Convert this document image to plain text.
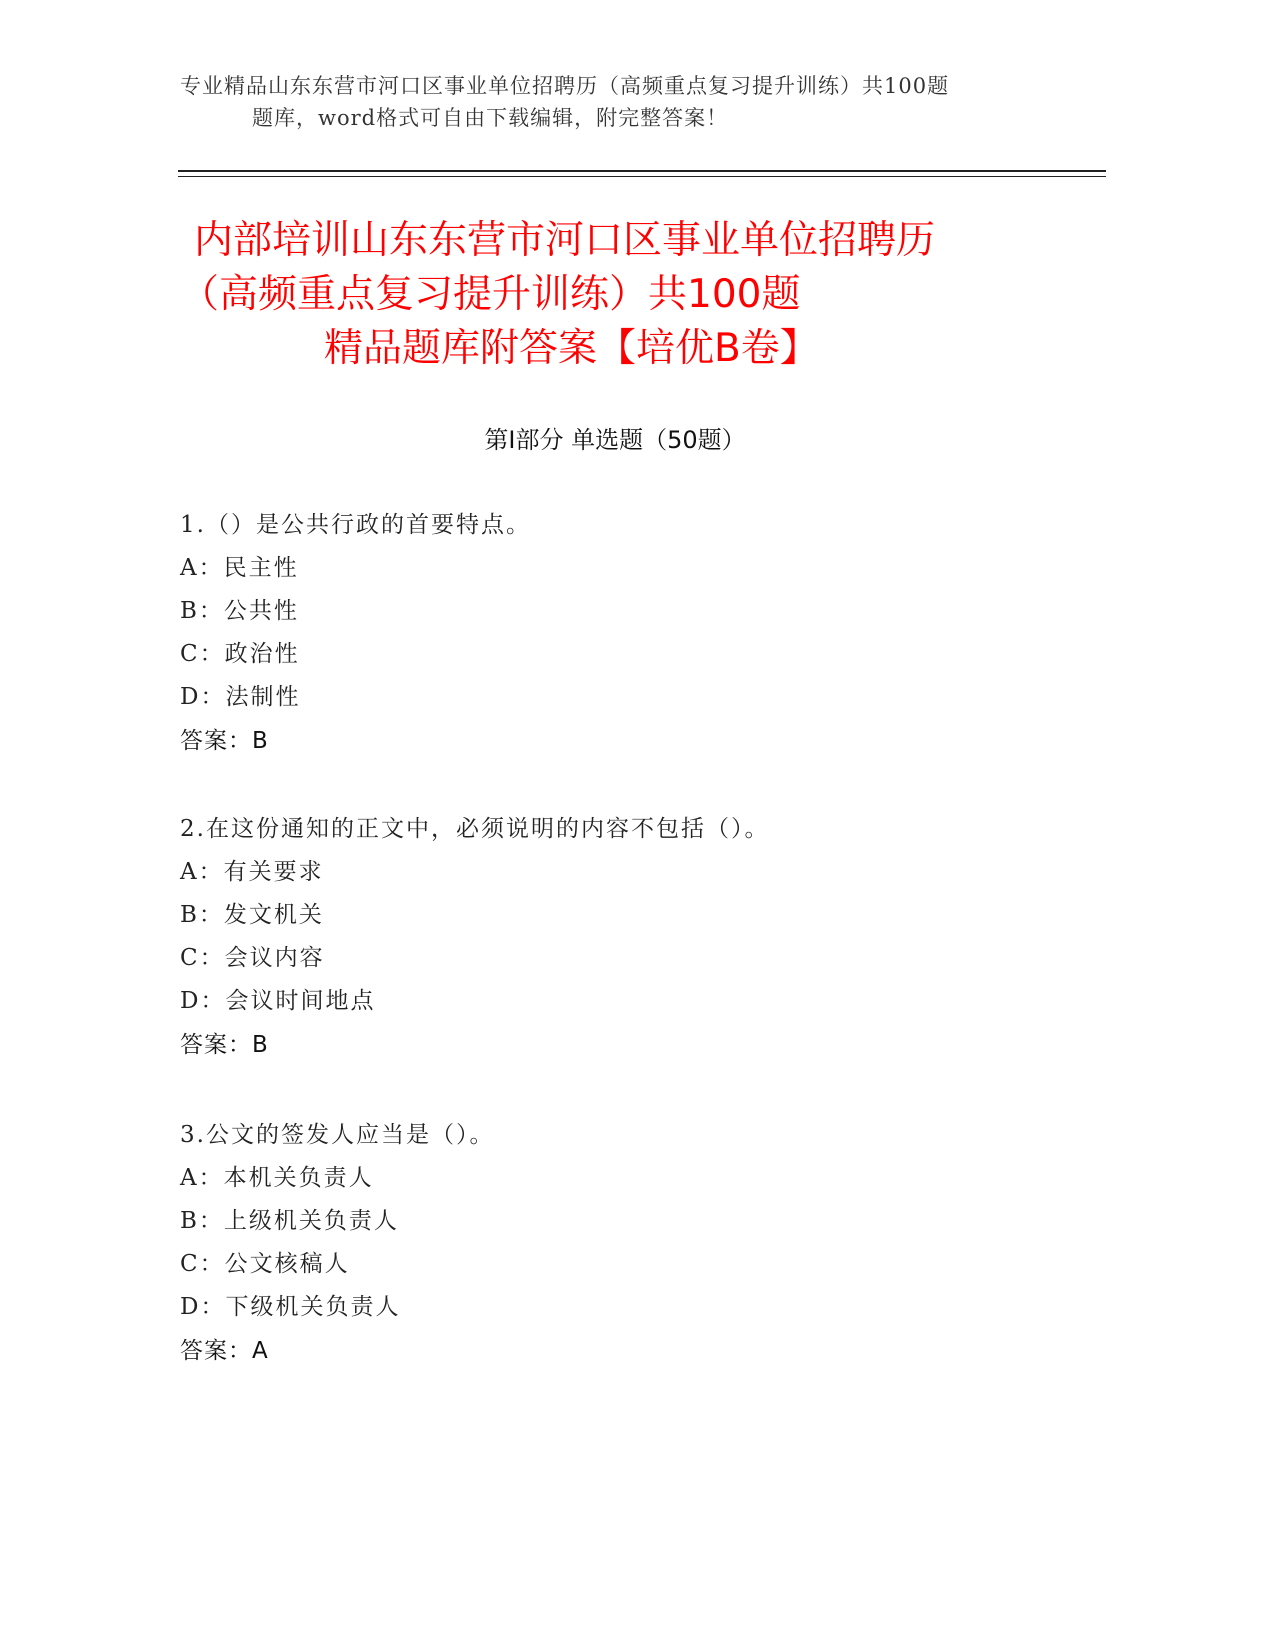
专业精品山东东营市河口区事业单位招聘历（高频重点复习提升训练）共100题
题库，word格式可自由下载编辑，附完整答案！
内部培训山东东营市河口区事业单位招聘历
（高频重点复习提升训练）共100题
精品题库附答案【培优B卷】
第Ⅰ部分 单选题（50题）
1.（）是公共行政的首要特点。
A：民主性
B：公共性
C：政治性
D：法制性
答案：B
2.在这份通知的正文中，必须说明的内容不包括（）。
A：有关要求
B：发文机关
C：会议内容
D：会议时间地点
答案：B
3.公文的签发人应当是（）。
A：本机关负责人
B：上级机关负责人
C：公文核稿人
D：下级机关负责人
答案：A
